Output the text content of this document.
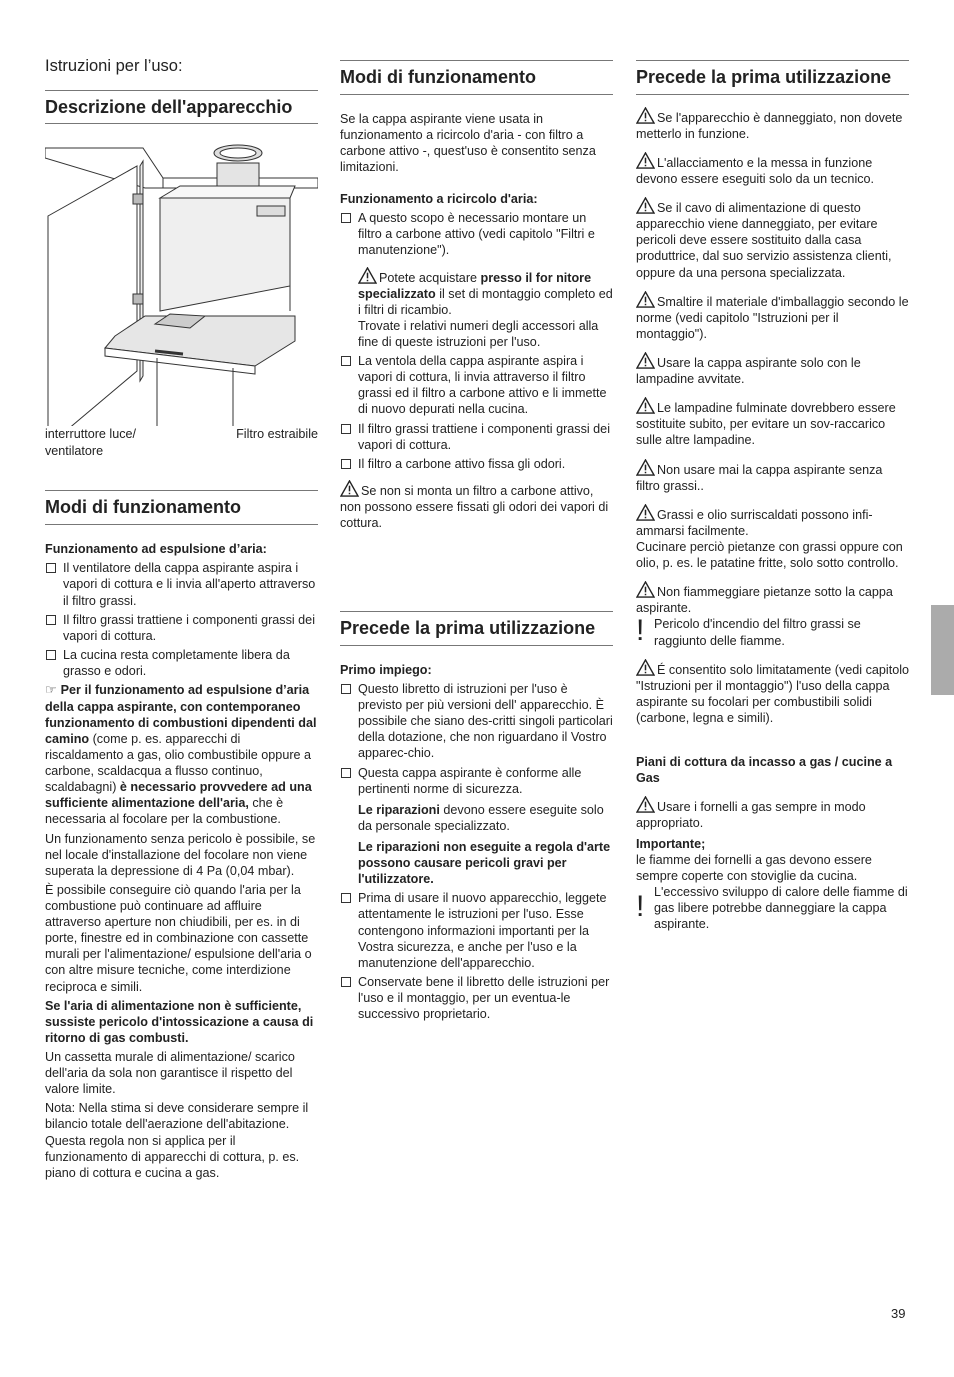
Istruzioni per l’uso:

Descrizione dell'apparecchio

interruttore luce/
ventilatore

Filtro estraibile

Modi di funzionamento

Funzionamento ad espulsione d’aria:

Il ventilatore della cappa aspirante aspira i vapori di cottura e li invia all'aperto attraverso il filtro grassi.

Il filtro grassi trattiene i componenti grassi dei vapori di cottura.

La cucina resta completamente libera da grasso e odori.

☞ Per il funzionamento ad espulsione d’aria della cappa aspirante, con contemporaneo funzionamento di combustioni dipendenti dal camino (come p. es. apparecchi di riscaldamento a gas, olio combustibile oppure a carbone, scaldacqua a flusso continuo, scaldabagni) è necessario provvedere ad una sufficiente alimentazione dell'aria, che è necessaria al focolare per la combustione.

Un funzionamento senza pericolo è possibile, se nel locale d'installazione del focolare non viene superata la depressione di 4 Pa (0,04 mbar).

È possibile conseguire ciò quando l'aria per la combustione può continuare ad affluire attraverso aperture non chiudibili, per es. in di porte, finestre ed in combinazione con cassette murali per l'alimentazione/ espulsione dell'aria o con altre misure tecniche, come interdizione reciproca e simili.

Se l'aria di alimentazione non è sufficiente, sussiste pericolo d'intossicazione a causa di ritorno di gas combusti.

Un cassetta murale di alimentazione/ scarico dell'aria da sola non garantisce il rispetto del valore limite.

Nota: Nella stima si deve considerare sempre il bilancio totale dell'aerazione dell'abitazione. Questa regola non si applica per il funzionamento di apparecchi di cottura, p. es. piano di cottura e cucina a gas.

Modi di funzionamento

Se la cappa aspirante viene usata in funzionamento a ricircolo d'aria - con filtro a carbone attivo -, quest'uso è consentito senza limitazioni.

Funzionamento a ricircolo d'aria:

A questo scopo è necessario montare un filtro a carbone attivo (vedi capitolo "Filtri e manutenzione").

Potete acquistare presso il for nitore specializzato il set di montaggio completo ed i filtri di ricambio.
Trovate i relativi numeri degli accessori alla fine di queste istruzioni per l'uso.

La ventola della cappa aspirante aspira i vapori di cottura, li invia attraverso il filtro grassi ed il filtro a carbone attivo e li immette di nuovo depurati nella cucina.

Il filtro grassi trattiene i componenti grassi dei vapori di cottura.

Il filtro a carbone attivo fissa gli odori.

Se non si monta un filtro a carbone attivo, non possono essere fissati gli odori dei vapori di cottura.

Precede la prima utilizzazione

Primo impiego:

Questo libretto di istruzioni per l'uso è previsto per più versioni dell' apparecchio. È possibile che siano des-critti singoli particolari della dotazione, che non riguardano il Vostro apparec-chio.

Questa cappa aspirante è conforme alle pertinenti norme di sicurezza.

Le riparazioni devono essere eseguite solo da personale specializzato.

Le riparazioni non eseguite a regola d'arte possono causare pericoli gravi per l'utilizzatore.

Prima di usare il nuovo apparecchio, leggete attentamente le istruzioni per l'uso. Esse contengono informazioni importanti per la Vostra sicurezza, e anche per l'uso e la manutenzione dell'apparecchio.

Conservate bene il libretto delle istruzioni per l'uso e il montaggio, per un eventua-le successivo proprietario.

Precede la prima utilizzazione

Se l'apparecchio è danneggiato, non dovete metterlo in funzione.

L'allacciamento e la messa in funzione devono essere eseguiti solo da un tecnico.

Se il cavo di alimentazione di questo apparecchio viene danneggiato, per evitare pericoli deve essere sostituito dalla casa produttrice, dal suo servizio assistenza clienti, oppure da una persona specializzata.

Smaltire il materiale d'imballaggio secondo le norme (vedi capitolo "Istruzioni per il montaggio").

Usare la cappa aspirante solo con le lampadine avvitate.

Le lampadine fulminate dovrebbero essere sostituite subito, per evitare un sov-raccarico sulle altre lampadine.

Non usare mai la cappa aspirante senza filtro grassi..

Grassi e olio surriscaldati possono infi-ammarsi facilmente.

Cucinare perciò pietanze con grassi oppure con olio, p. es. le patatine fritte, solo sotto controllo.

Non fiammeggiare pietanze sotto la cappa aspirante.

! Pericolo d'incendio del filtro grassi se raggiunto delle fiamme.

É consentito solo limitatamente (vedi capitolo "Istruzioni per il montaggio") l'uso della cappa aspirante su focolari per combustibili solidi (carbone, legna e simili).

Piani di cottura da incasso a gas / cucine a Gas

Usare i fornelli a gas sempre in modo appropriato.

Importante;

le fiamme dei fornelli a gas devono essere sempre coperte con stoviglie da cucina.

! L'eccessivo sviluppo di calore delle fiamme di gas libere potrebbe danneggiare la cappa aspirante.

39
